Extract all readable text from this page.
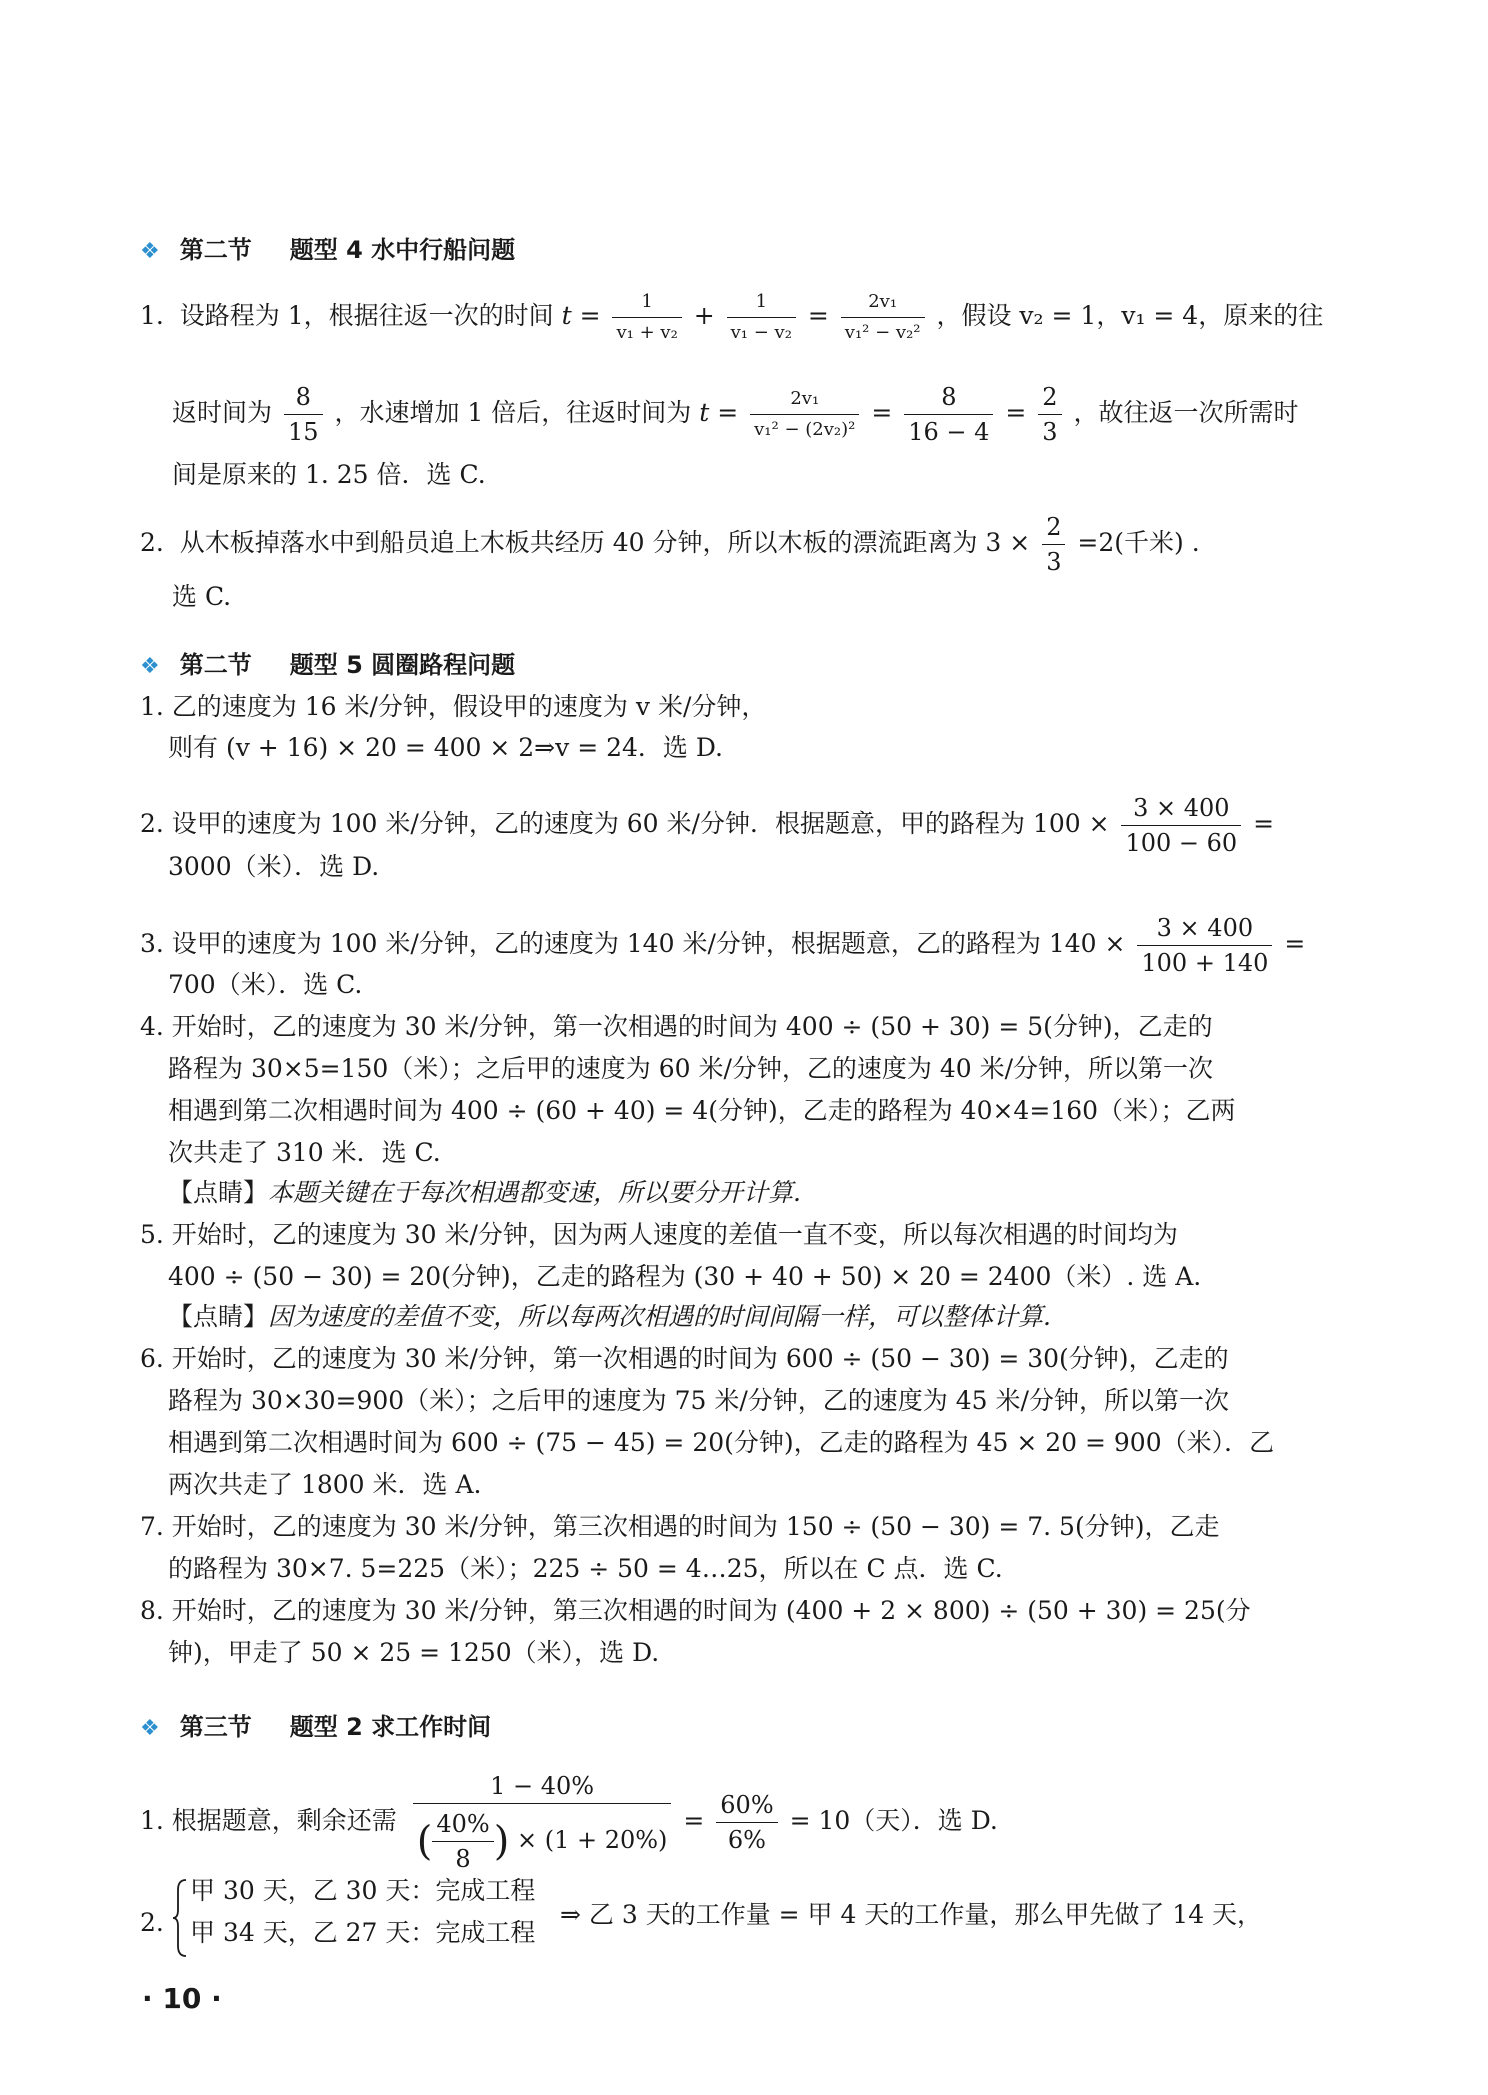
❖ 第二节 题型 4 水中行船问题
1. 设路程为 1，根据往返一次的时间 $t = \frac{1}{\text{v₁ + v₂}} + \frac{1}{\text{v₁ − v₂}} = \frac{\text{2v₁}}{\text{v₁² − v₂²}}$ ，假设 v₂ = 1，v₁ = 4，原来的往
返时间为 $\frac{8}{15}$ ，水速增加 1 倍后，往返时间为 $t = \frac{\text{2v₁}}{\text{v₁² − (2v₂)²}} = \frac{8}{16 - 4} = \frac{2}{3}$ ，故往返一次所需时
间是原来的 1. 25 倍．选 C.
2. 从木板掉落水中到船员追上木板共经历 40 分钟，所以木板的漂流距离为 $3 \times \frac{2}{3} =2$(千米) .
选 C.
❖ 第二节 题型 5 圆圈路程问题
1. 乙的速度为 16 米/分钟，假设甲的速度为 v 米/分钟，
则有 (v + 16) × 20 = 400 × 2⇒v = 24．选 D.
2. 设甲的速度为 100 米/分钟，乙的速度为 60 米/分钟．根据题意，甲的路程为 $100 \times \frac{3 \times 400}{100 - 60}$ =
3000（米）．选 D.
3. 设甲的速度为 100 米/分钟，乙的速度为 140 米/分钟，根据题意，乙的路程为 $140 \times \frac{3 \times 400}{100 + 140}$ =
700（米）．选 C.
4. 开始时，乙的速度为 30 米/分钟，第一次相遇的时间为 400 ÷ (50 + 30) = 5(分钟)，乙走的
路程为 30×5=150（米）；之后甲的速度为 60 米/分钟，乙的速度为 40 米/分钟，所以第一次
相遇到第二次相遇时间为 400 ÷ (60 + 40) = 4(分钟)，乙走的路程为 40×4=160（米）；乙两
次共走了 310 米．选 C.
【点睛】本题关键在于每次相遇都变速，所以要分开计算.
5. 开始时，乙的速度为 30 米/分钟，因为两人速度的差值一直不变，所以每次相遇的时间均为
400 ÷ (50 − 30) = 20(分钟)，乙走的路程为 (30 + 40 + 50) × 20 = 2400（米）. 选 A.
【点睛】因为速度的差值不变，所以每两次相遇的时间间隔一样，可以整体计算.
6. 开始时，乙的速度为 30 米/分钟，第一次相遇的时间为 600 ÷ (50 − 30) = 30(分钟)，乙走的
路程为 30×30=900（米）；之后甲的速度为 75 米/分钟，乙的速度为 45 米/分钟，所以第一次
相遇到第二次相遇时间为 600 ÷ (75 − 45) = 20(分钟)，乙走的路程为 45 × 20 = 900（米）．乙
两次共走了 1800 米．选 A.
7. 开始时，乙的速度为 30 米/分钟，第三次相遇的时间为 150 ÷ (50 − 30) = 7. 5(分钟)，乙走
的路程为 30×7. 5=225（米）；225 ÷ 50 = 4…25，所以在 C 点．选 C.
8. 开始时，乙的速度为 30 米/分钟，第三次相遇的时间为 (400 + 2 × 800) ÷ (50 + 30) = 25(分
钟)，甲走了 50 × 25 = 1250（米），选 D.
❖ 第三节 题型 2 求工作时间
1. 根据题意，剩余还需 $\frac{1 - 40\%}{( \frac{40\%}{8} ) \times (1 + 20\%)} = \frac{60\%}{6\%} = 10$（天）．选 D.
2.
甲 30 天，乙 30 天：完成工程
甲 34 天，乙 27 天：完成工程
⇒ 乙 3 天的工作量 = 甲 4 天的工作量，那么甲先做了 14 天，
· 10 ·
